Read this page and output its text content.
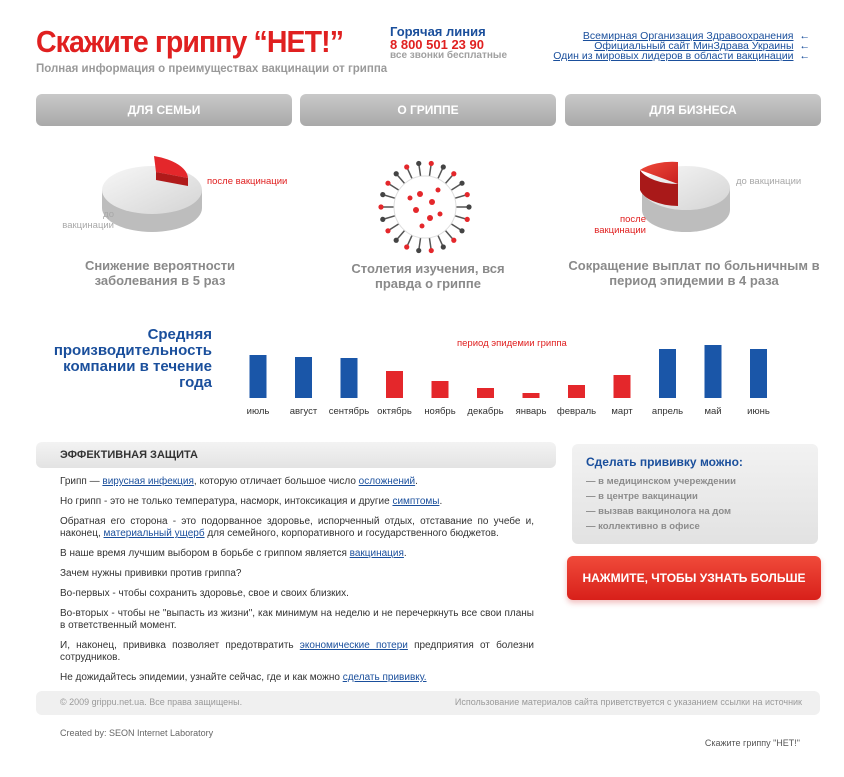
Скажите гриппу “НЕТ!”
Полная информация о преимуществах вакцинации от гриппа
Горячая линия
8 800 501 23 90
все звонки бесплатные
Всемирная Организация Здравоохранения ←
Официальный сайт МинЗдрава Украины ←
Один из мировых лидеров в области вакцинации ←
ДЛЯ СЕМЬИ	О ГРИППЕ	ДЛЯ БИЗНЕСА
после вакцинации
до вакцинации
Снижение вероятности заболевания в 5 раз
Столетия изучения, вся правда о гриппе
до вакцинации
после вакцинации
Сокращение выплат по больничным в период эпидемии в 4 раза
Средняя производительность компании в течение года
период эпидемии гриппа
июль август сентябрь октябрь ноябрь декабрь январь февраль март апрель май	июнь
ЭФФЕКТИВНАЯ ЗАЩИТА

Грипп — вирусная инфекция, которую отличает большое число осложнений.

Но грипп - это не только температура, насморк, интоксикация и другие симптомы.

Обратная его сторона - это подорванное здоровье, испорченный отдых, отставание по учебе и, наконец, материальный ущерб для семейного, корпоративного и государственного бюджетов.

В наше время лучшим выбором в борьбе с гриппом является вакцинация.

Зачем нужны прививки против гриппа?

Во-первых - чтобы сохранить здоровье, свое и своих близких.

Во-вторых - чтобы не "выпасть из жизни", как минимум на неделю и не перечеркнуть все свои планы в ответственный момент.

И, наконец, прививка позволяет предотвратить экономические потери предприятия от болезни сотрудников.

Не дожидайтесь эпидемии, узнайте сейчас, где и как можно сделать прививку.

Сделать прививку можно:
— в медицинском учереждении
— в центре вакцинации
— вызвав вакцинолога на дом
— коллективно в офисе
НАЖМИТЕ, ЧТОБЫ УЗНАТЬ БОЛЬШЕ
© 2009 grippu.net.ua. Все права защищены.	Использование материалов сайта приветствуется с указанием ссылки на источник
Created by: SEON Internet Laboratory
Скажите гриппу "НЕТ!"
